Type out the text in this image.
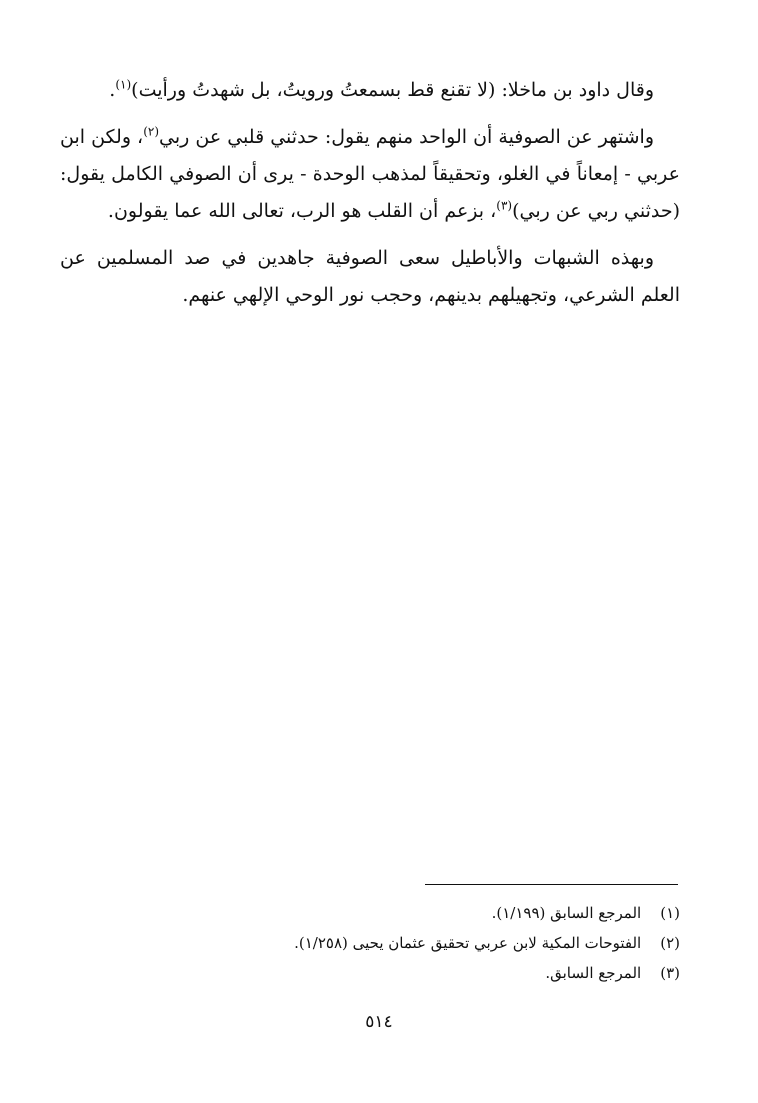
وقال داود بن ماخلا: (لا تقنع قط بسمعتُ ورويتُ، بل شهدتُ ورأيت)$^{(١)}$.

واشتهر عن الصوفية أن الواحد منهم يقول: حدثني قلبي عن ربي$^{(٢)}$، ولكن ابن عربي - إمعاناً في الغلو، وتحقيقاً لمذهب الوحدة - يرى أن الصوفي الكامل يقول: (حدثني ربي عن ربي)$^{(٣)}$، بزعم أن القلب هو الرب، تعالى الله عما يقولون.

وبهذه الشبهات والأباطيل سعى الصوفية جاهدين في صد المسلمين عن العلم الشرعي، وتجهيلهم بدينهم، وحجب نور الوحي الإلهي عنهم.

(١) المرجع السابق (١/١٩٩).

(٢) الفتوحات المكية لابن عربي تحقيق عثمان يحيى (١/٢٥٨).

(٣) المرجع السابق.

٥١٤
